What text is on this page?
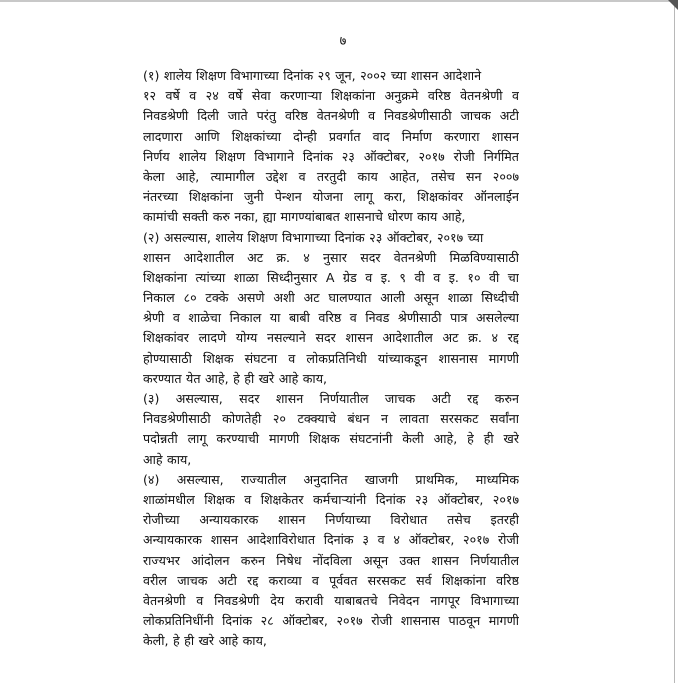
७
(१) शालेय शिक्षण विभागाच्या दिनांक २९ जून, २००२ च्या शासन आदेशाने
१२ वर्षे व २४ वर्षे सेवा करणाऱ्या शिक्षकांना अनुक्रमे वरिष्ठ वेतनश्रेणी व
निवडश्रेणी दिली जाते परंतु वरिष्ठ वेतनश्रेणी व निवडश्रेणीसाठी जाचक अटी
लादणारा आणि शिक्षकांच्या दोन्ही प्रवर्गात वाद निर्माण करणारा शासन
निर्णय शालेय शिक्षण विभागाने दिनांक २३ ऑक्टोबर, २०१७ रोजी निर्गमित
केला आहे, त्यामागील उद्देश व तरतुदी काय आहेत, तसेच सन २००७
नंतरच्या शिक्षकांना जुनी पेन्शन योजना लागू करा, शिक्षकांवर ऑनलाईन
कामांची सक्ती करु नका, ह्या मागण्यांबाबत शासनाचे धोरण काय आहे,
(२) असल्यास, शालेय शिक्षण विभागाच्या दिनांक २३ ऑक्टोबर, २०१७ च्या
शासन आदेशातील अट क्र. ४ नुसार सदर वेतनश्रेणी मिळविण्यासाठी
शिक्षकांना त्यांच्या शाळा सिध्दीनुसार A ग्रेड व इ. ९ वी व इ. १० वी चा
निकाल ८० टक्के असणे अशी अट घालण्यात आली असून शाळा सिध्दीची
श्रेणी व शाळेचा निकाल या बाबी वरिष्ठ व निवड श्रेणीसाठी पात्र असलेल्या
शिक्षकांवर लादणे योग्य नसल्याने सदर शासन आदेशातील अट क्र. ४ रद्द
होण्यासाठी शिक्षक संघटना व लोकप्रतिनिधी यांच्याकडून शासनास मागणी
करण्यात येत आहे, हे ही खरे आहे काय,
(३) असल्यास, सदर शासन निर्णयातील जाचक अटी रद्द करुन
निवडश्रेणीसाठी कोणतेही २० टक्क्याचे बंधन न लावता सरसकट सर्वांना
पदोन्नती लागू करण्याची मागणी शिक्षक संघटनांनी केली आहे, हे ही खरे
आहे काय,
(४) असल्यास, राज्यातील अनुदानित खाजगी प्राथमिक, माध्यमिक
शाळांमधील शिक्षक व शिक्षकेतर कर्मचाऱ्यांनी दिनांक २३ ऑक्टोबर, २०१७
रोजीच्या अन्यायकारक शासन निर्णयाच्या विरोधात तसेच इतरही
अन्यायकारक शासन आदेशाविरोधात दिनांक ३ व ४ ऑक्टोबर, २०१७ रोजी
राज्यभर आंदोलन करुन निषेध नोंदविला असून उक्त शासन निर्णयातील
वरील जाचक अटी रद्द कराव्या व पूर्ववत सरसकट सर्व शिक्षकांना वरिष्ठ
वेतनश्रेणी व निवडश्रेणी देय करावी याबाबतचे निवेदन नागपूर विभागाच्या
लोकप्रतिनिधींनी दिनांक २८ ऑक्टोबर, २०१७ रोजी शासनास पाठवून मागणी
केली, हे ही खरे आहे काय,
